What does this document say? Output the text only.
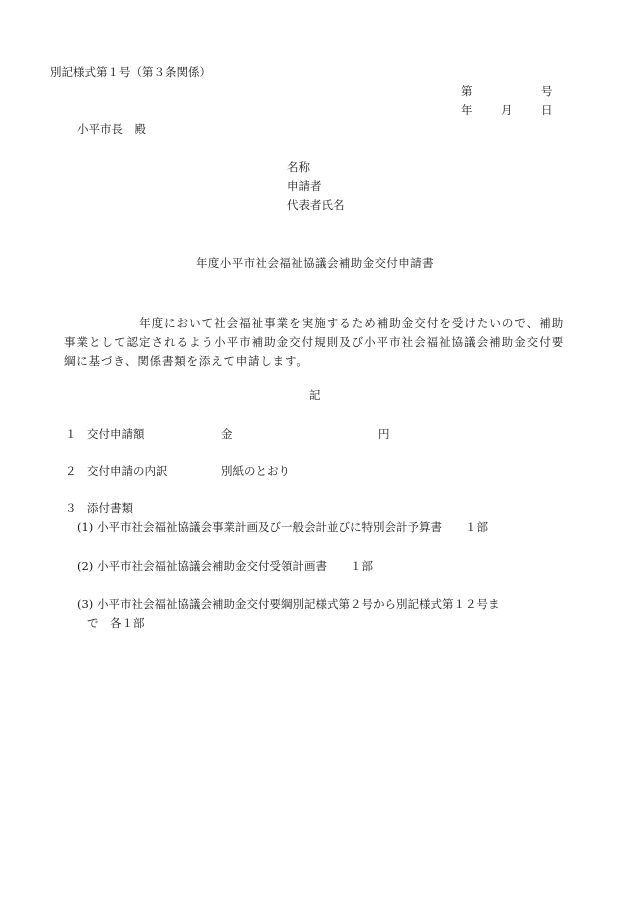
別記様式第１号（第３条関係）
第	号
年 月 日
小平市長　殿
名称
申請者
代表者氏名
年度小平市社会福祉協議会補助金交付申請書
　　　　　　年度において社会福祉事業を実施するため補助金交付を受けたいので、補助事業として認定されるよう小平市補助金交付規則及び小平市社会福祉協議会補助金交付要綱に基づき、関係書類を添えて申請します。
記
１ 交付申請額	金	円
２ 交付申請の内訳	別紙のとおり
３ 添付書類
(1) 小平市社会福祉協議会事業計画及び一般会計並びに特別会計予算書　　１部
(2) 小平市社会福祉協議会補助金交付受領計画書　　１部
(3) 小平市社会福祉協議会補助金交付要綱別記様式第２号から別記様式第１２号ま
で　各１部
